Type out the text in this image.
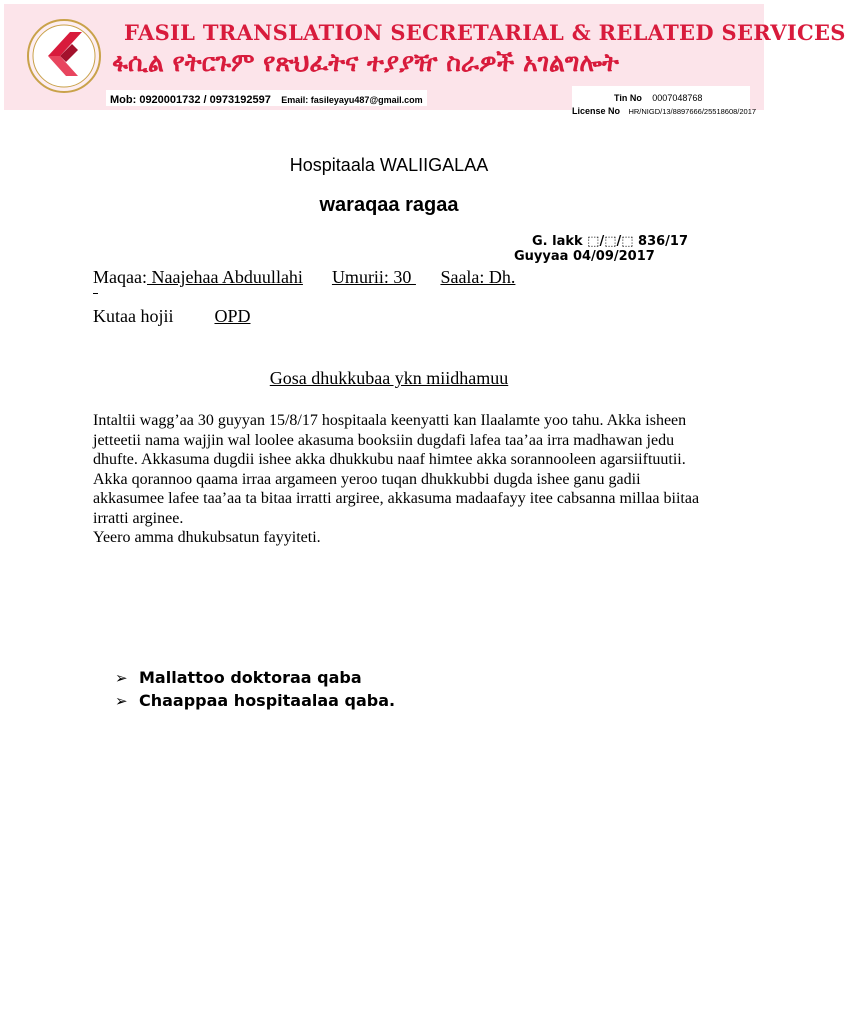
FASIL TRANSLATION SECRETARIAL & RELATED SERVICES
ፋሲል የትርጉም የጽህፈትና ተያያዥ ስራዎች አገልግሎት
Mob: 0920001732 / 0973192597 Email: fasileyayu487@gmail.com	Tin No 0007048768
License No HR/NIGD/13/8897666/25518608/2017
Hospitaala WALIIGALAA
waraqaa ragaa
G. lakk ⬚/⬚/⬚ 836/17
Guyyaa 04/09/2017
Maqaa: Naajehaa Abduullahi Umurii: 30  Saala: Dh.
Kutaa hojii OPD
Gosa dhukkubaa ykn miidhamuu

Intaltii wagg’aa 30 guyyan 15/8/17 hospitaala keenyatti kan Ilaalamte yoo tahu. Akka isheen jetteetii nama wajjin wal loolee akasuma booksiin dugdafi lafea taa’aa irra madhawan jedu dhufte. Akkasuma dugdii ishee akka dhukkubu naaf himtee akka sorannooleen agarsiiftuutii.

Akka qorannoo qaama irraa argameen yeroo tuqan dhukkubbi dugda ishee ganu gadii akkasumee lafee taa’aa ta bitaa irratti argiree, akkasuma madaafayy itee cabsanna millaa biitaa irratti arginee.

Yeero amma dhukubsatun fayyiteti.

➢ Mallattoo doktoraa qaba
➢ Chaappaa hospitaalaa qaba.
